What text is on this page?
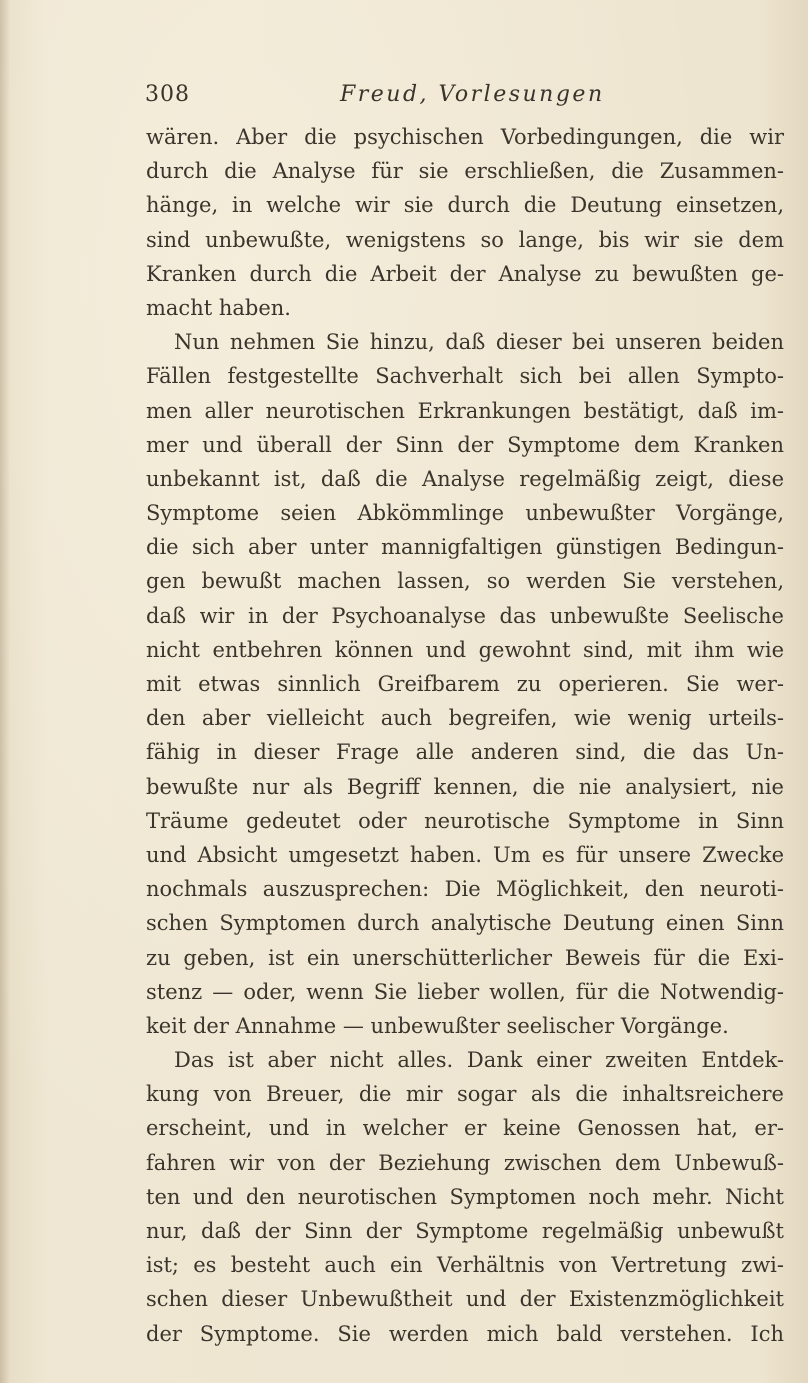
308	Freud, Vorlesungen
wären. Aber die psychischen Vorbedingungen, die wir
durch die Analyse für sie erschließen, die Zusammen-
hänge, in welche wir sie durch die Deutung einsetzen,
sind unbewußte, wenigstens so lange, bis wir sie dem
Kranken durch die Arbeit der Analyse zu bewußten ge-
macht haben.
Nun nehmen Sie hinzu, daß dieser bei unseren beiden
Fällen festgestellte Sachverhalt sich bei allen Sympto-
men aller neurotischen Erkrankungen bestätigt, daß im-
mer und überall der Sinn der Symptome dem Kranken
unbekannt ist, daß die Analyse regelmäßig zeigt, diese
Symptome seien Abkömmlinge unbewußter Vorgänge,
die sich aber unter mannigfaltigen günstigen Bedingun-
gen bewußt machen lassen, so werden Sie verstehen,
daß wir in der Psychoanalyse das unbewußte Seelische
nicht entbehren können und gewohnt sind, mit ihm wie
mit etwas sinnlich Greifbarem zu operieren. Sie wer-
den aber vielleicht auch begreifen, wie wenig urteils-
fähig in dieser Frage alle anderen sind, die das Un-
bewußte nur als Begriff kennen, die nie analysiert, nie
Träume gedeutet oder neurotische Symptome in Sinn
und Absicht umgesetzt haben. Um es für unsere Zwecke
nochmals auszusprechen: Die Möglichkeit, den neuroti-
schen Symptomen durch analytische Deutung einen Sinn
zu geben, ist ein unerschütterlicher Beweis für die Exi-
stenz — oder, wenn Sie lieber wollen, für die Notwendig-
keit der Annahme — unbewußter seelischer Vorgänge.
Das ist aber nicht alles. Dank einer zweiten Entdek-
kung von Breuer, die mir sogar als die inhaltsreichere
erscheint, und in welcher er keine Genossen hat, er-
fahren wir von der Beziehung zwischen dem Unbewuß-
ten und den neurotischen Symptomen noch mehr. Nicht
nur, daß der Sinn der Symptome regelmäßig unbewußt
ist; es besteht auch ein Verhältnis von Vertretung zwi-
schen dieser Unbewußtheit und der Existenzmöglichkeit
der Symptome. Sie werden mich bald verstehen. Ich
